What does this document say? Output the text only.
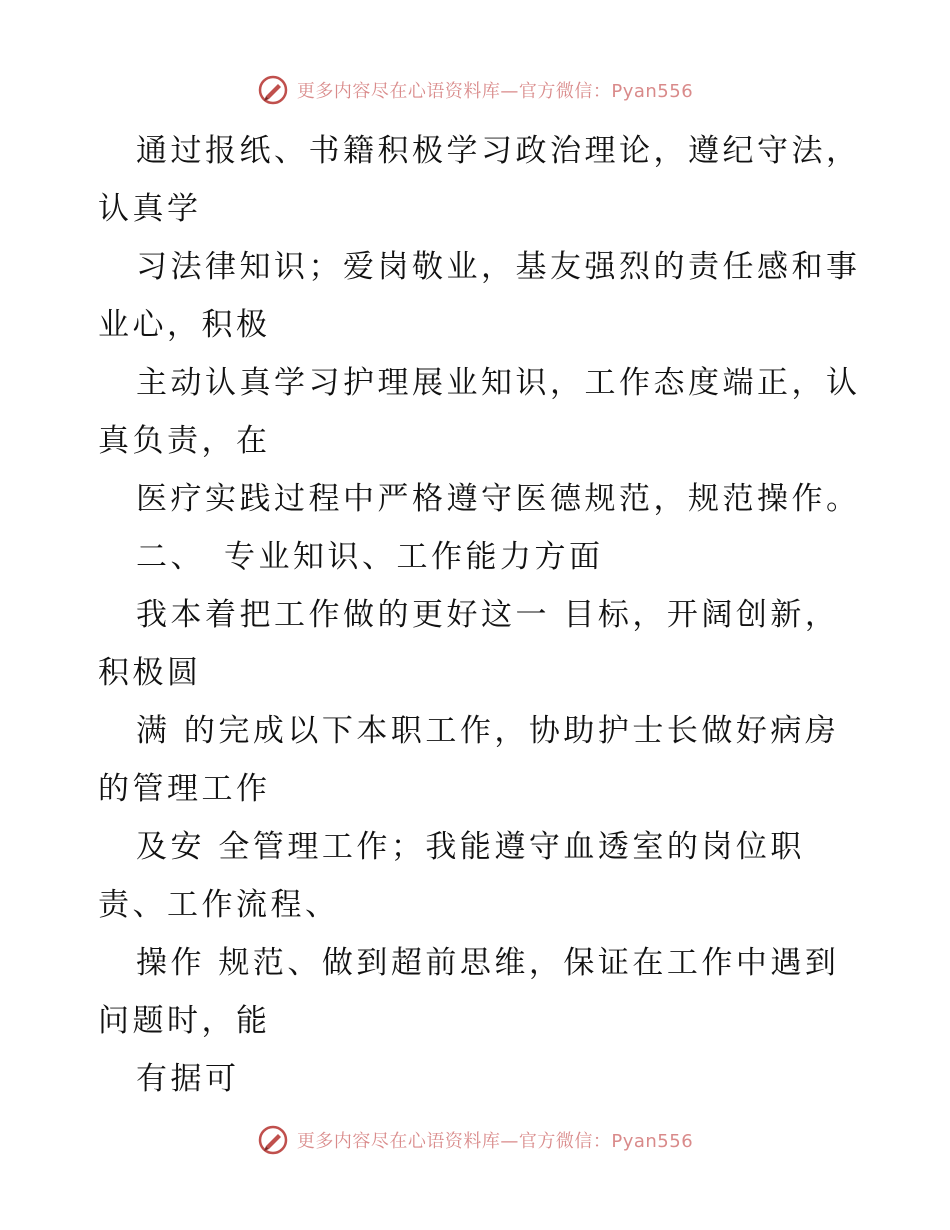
更多内容尽在心语资料库—官方微信：Pyan556
通过报纸、书籍积极学习政治理论，遵纪守法，
认真学
习法律知识；爱岗敬业，基友强烈的责任感和事
业心，积极
主动认真学习护理展业知识，工作态度端正，认
真负责，在
医疗实践过程中严格遵守医德规范，规范操作。
二、　专业知识、工作能力方面
我本着把工作做的更好这一 目标，开阔创新，
积极圆
满 的完成以下本职工作，协助护士长做好病房
的管理工作
及安 全管理工作；我能遵守血透室的岗位职
责、工作流程、
操作 规范、做到超前思维，保证在工作中遇到
问题时，能
有据可
更多内容尽在心语资料库—官方微信：Pyan556
